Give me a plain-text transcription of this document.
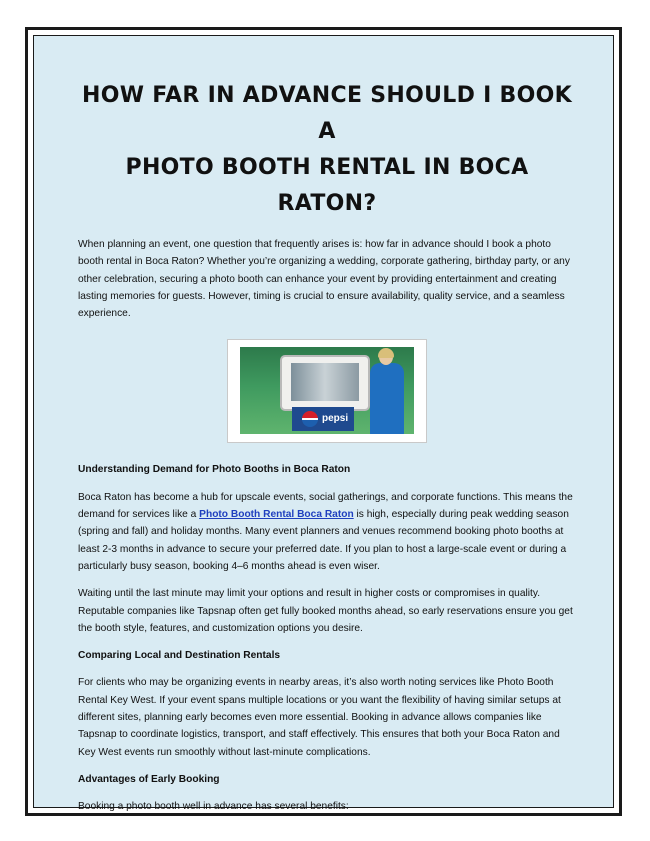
HOW FAR IN ADVANCE SHOULD I BOOK A
PHOTO BOOTH RENTAL IN BOCA RATON?

When planning an event, one question that frequently arises is: how far in advance should I book a photo booth rental in Boca Raton? Whether you’re organizing a wedding, corporate gathering, birthday party, or any other celebration, securing a photo booth can enhance your event by providing entertainment and creating lasting memories for guests. However, timing is crucial to ensure availability, quality service, and a seamless experience.

pepsi
Understanding Demand for Photo Booths in Boca Raton

Boca Raton has become a hub for upscale events, social gatherings, and corporate functions. This means the demand for services like a Photo Booth Rental Boca Raton is high, especially during peak wedding season (spring and fall) and holiday months. Many event planners and venues recommend booking photo booths at least 2-3 months in advance to secure your preferred date. If you plan to host a large-scale event or during a particularly busy season, booking 4–6 months ahead is even wiser.

Waiting until the last minute may limit your options and result in higher costs or compromises in quality. Reputable companies like Tapsnap often get fully booked months ahead, so early reservations ensure you get the booth style, features, and customization options you desire.

Comparing Local and Destination Rentals

For clients who may be organizing events in nearby areas, it’s also worth noting services like Photo Booth Rental Key West. If your event spans multiple locations or you want the flexibility of having similar setups at different sites, planning early becomes even more essential. Booking in advance allows companies like Tapsnap to coordinate logistics, transport, and staff effectively. This ensures that both your Boca Raton and Key West events run smoothly without last-minute complications.

Advantages of Early Booking

Booking a photo booth well in advance has several benefits:
